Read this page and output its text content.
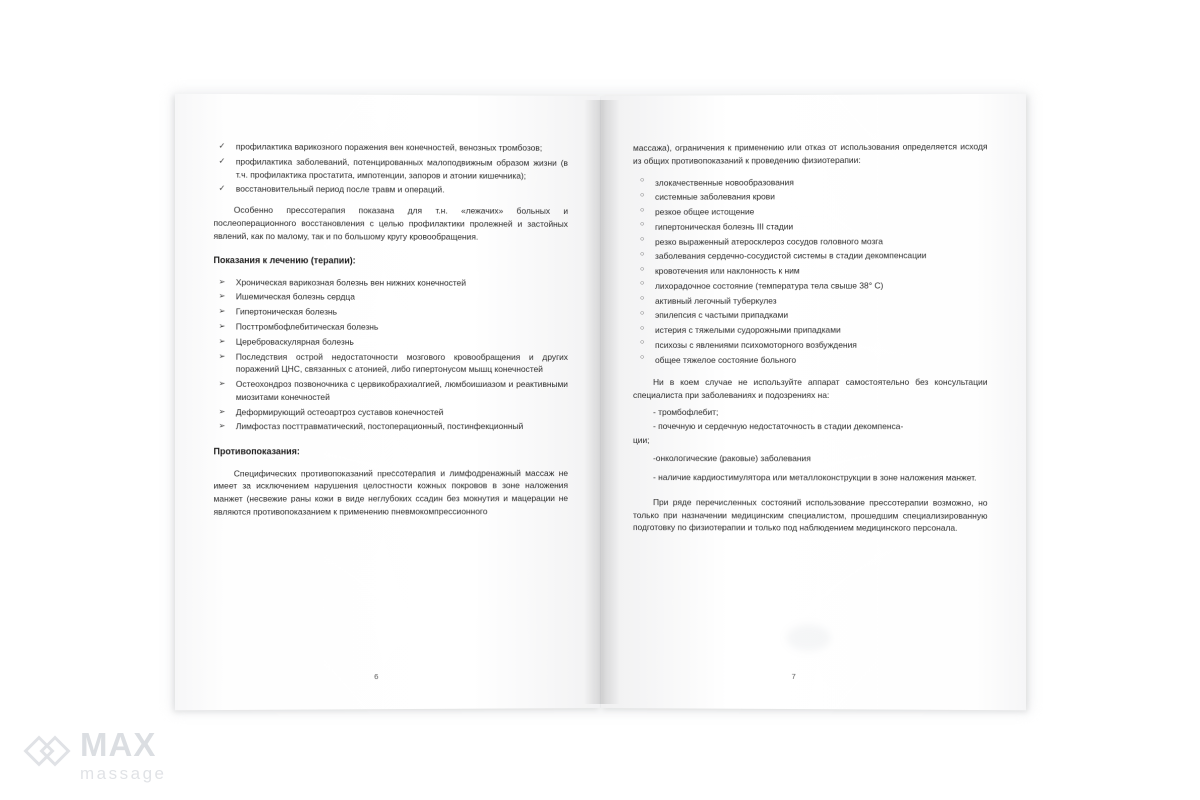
✓ профилактика варикозного поражения вен конечностей, венозных тромбозов;
✓ профилактика заболеваний, потенцированных малоподвижным образом жизни (в т.ч. профилактика простатита, импотенции, запоров и атонии кишечника);
✓ восстановительный период после травм и операций.

Особенно прессотерапия показана для т.н. «лежачих» больных и послеоперационного восстановления с целью профилактики пролежней и застойных явлений, как по малому, так и по большому кругу кровообращения.

Показания к лечению (терапии):

➢ Хроническая варикозная болезнь вен нижних конечностей
➢ Ишемическая болезнь сердца
➢ Гипертоническая болезнь
➢ Посттромбофлебитическая болезнь
➢ Цереброваскулярная болезнь
➢ Последствия острой недостаточности мозгового кровообращения и других поражений ЦНС, связанных с атонией, либо гипертонусом мышц конечностей
➢ Остеохондроз позвоночника с цервикобрахиалгией, люмбоишиазом и реактивными миозитами конечностей
➢ Деформирующий остеоартроз суставов конечностей
➢ Лимфостаз посттравматический, постоперационный, постинфекционный

Противопоказания:

Специфических противопоказаний прессотерапия и лимфодренажный массаж не имеет за исключением нарушения целостности кожных покровов в зоне наложения манжет (несвежие раны кожи в виде неглубоких ссадин без мокнутия и мацерации не являются противопоказанием к применению пневмокомпрессионного

6

массажа), ограничения к применению или отказ от использования определяется исходя из общих противопоказаний к проведению физиотерапии:

○ злокачественные новообразования
○ системные заболевания крови
○ резкое общее истощение
○ гипертоническая болезнь III стадии
○ резко выраженный атеросклероз сосудов головного мозга
○ заболевания сердечно-сосудистой системы в стадии декомпенсации
○ кровотечения или наклонность к ним
○ лихорадочное состояние (температура тела свыше 38° С)
○ активный легочный туберкулез
○ эпилепсия с частыми припадками
○ истерия с тяжелыми судорожными припадками
○ психозы с явлениями психомоторного возбуждения
○ общее тяжелое состояние больного

Ни в коем случае не используйте аппарат самостоятельно без консультации специалиста при заболеваниях и подозрениях на:

- тромбофлебит;

- почечную и сердечную недостаточность в стадии декомпенса-

ции;

-онкологические (раковые) заболевания

- наличие кардиостимулятора или металлоконструкции в зоне наложения манжет.

При ряде перечисленных состояний использование прессотерапии возможно, но только при назначении медицинским специалистом, прошедшим специализированную подготовку по физиотерапии и только под наблюдением медицинского персонала.

7
MAX
massage
